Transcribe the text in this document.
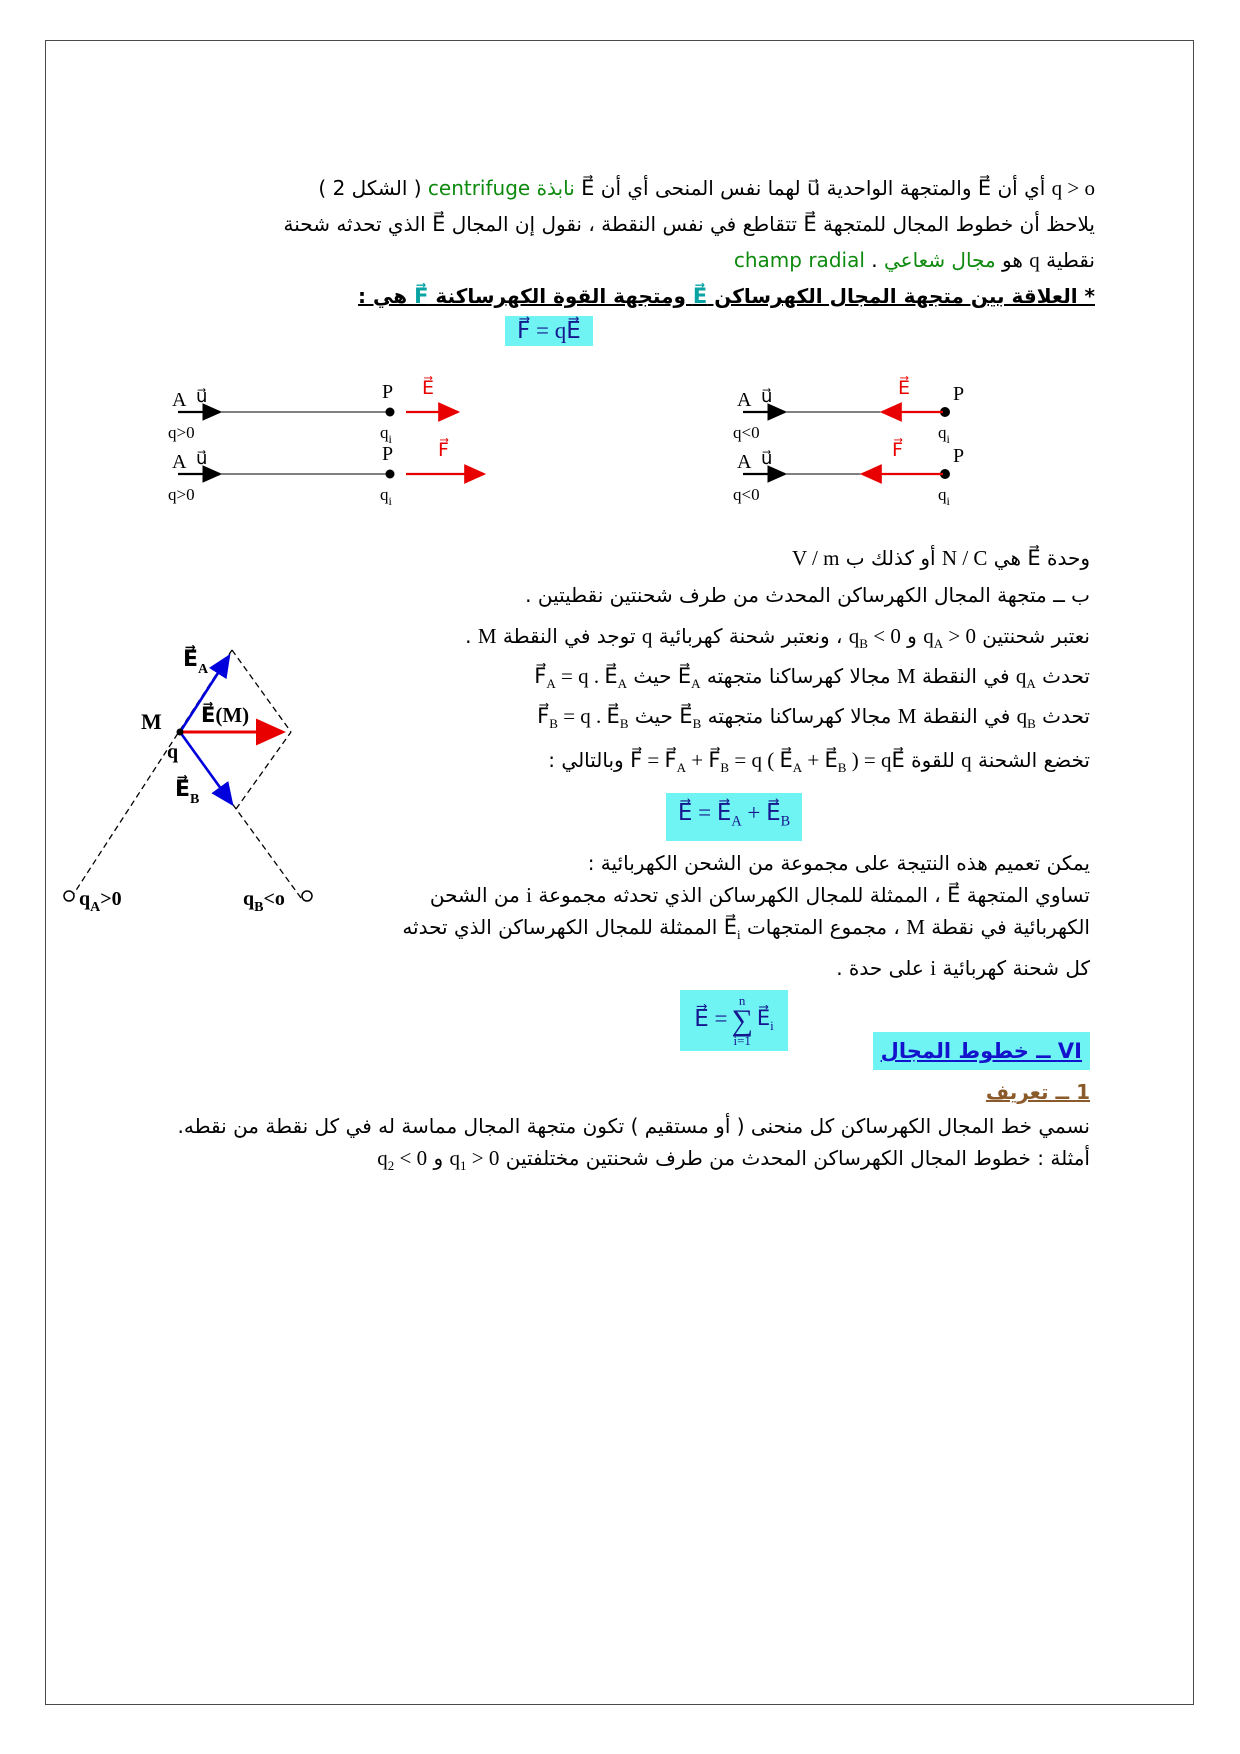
q > o أي أن E⃗ والمتجهة الواحدية u⃗ لهما نفس المنحى أي أن E⃗ نابذة centrifuge ( الشكل 2 )
يلاحظ أن خطوط المجال للمتجهة E⃗ تتقاطع في نفس النقطة ، نقول إن المجال E⃗ الذي تحدثه شحنة
نقطية q هو مجال شعاعي . champ radial
* العلاقة بين متجهة المجال الكهرساكن E⃗ ومتجهة القوة الكهرساكنة F⃗ هي :
F⃗ = qE⃗
A u⃗	P
$q_i$
E⃗
q>0
A u⃗	P
$q_i$
F⃗
q>0
A u⃗	P
$q_i$
E⃗
q<0
A u⃗	P
$q_i$
F⃗
q<0
وحدة E⃗ هي N / C أو كذلك ب V / m
ب ــ متجهة المجال الكهرساكن المحدث من طرف شحنتين نقطيتين .
$E⃗_A$
E⃗(M)
$E⃗_B$
M
q
$q_A>0$	$q_B<o$

نعتبر شحنتين $q_A > 0$ و $q_B < 0$ ، ونعتبر شحنة كهربائية q توجد في النقطة M .

تحدث $q_A$ في النقطة M مجالا كهرساكنا متجهته $E⃗_A$ حيث $F⃗_A = q$ . $E⃗_A$

تحدث $q_B$ في النقطة M مجالا كهرساكنا متجهته $E⃗_B$ حيث $F⃗_B = q$ . $E⃗_B$

تخضع الشحنة q للقوة F⃗ = $F⃗_A$ + $F⃗_B = q$ ( $E⃗_A$ + $E⃗_B$ ) = qE⃗ وبالتالي :

E⃗ = $E⃗_A$ + $E⃗_B$

يمكن تعميم هذه النتيجة على مجموعة من الشحن الكهربائية :

تساوي المتجهة E⃗ ، الممثلة للمجال الكهرساكن الذي تحدثه مجموعة i من الشحن الكهربائية في نقطة M ، مجموع المتجهات $E⃗_i$ الممثلة للمجال الكهرساكن الذي تحدثه كل شحنة كهربائية i على حدة .

E⃗ =
n
∑
i=1
$E⃗_i$
VI ــ خطوط المجال
1 ــ تعريف
نسمي خط المجال الكهرساكن كل منحنى ( أو مستقيم ) تكون متجهة المجال مماسة له في كل نقطة من نقطه.
أمثلة : خطوط المجال الكهرساكن المحدث من طرف شحنتين مختلفتين $q_1 > 0$ و $q_2 < 0$
